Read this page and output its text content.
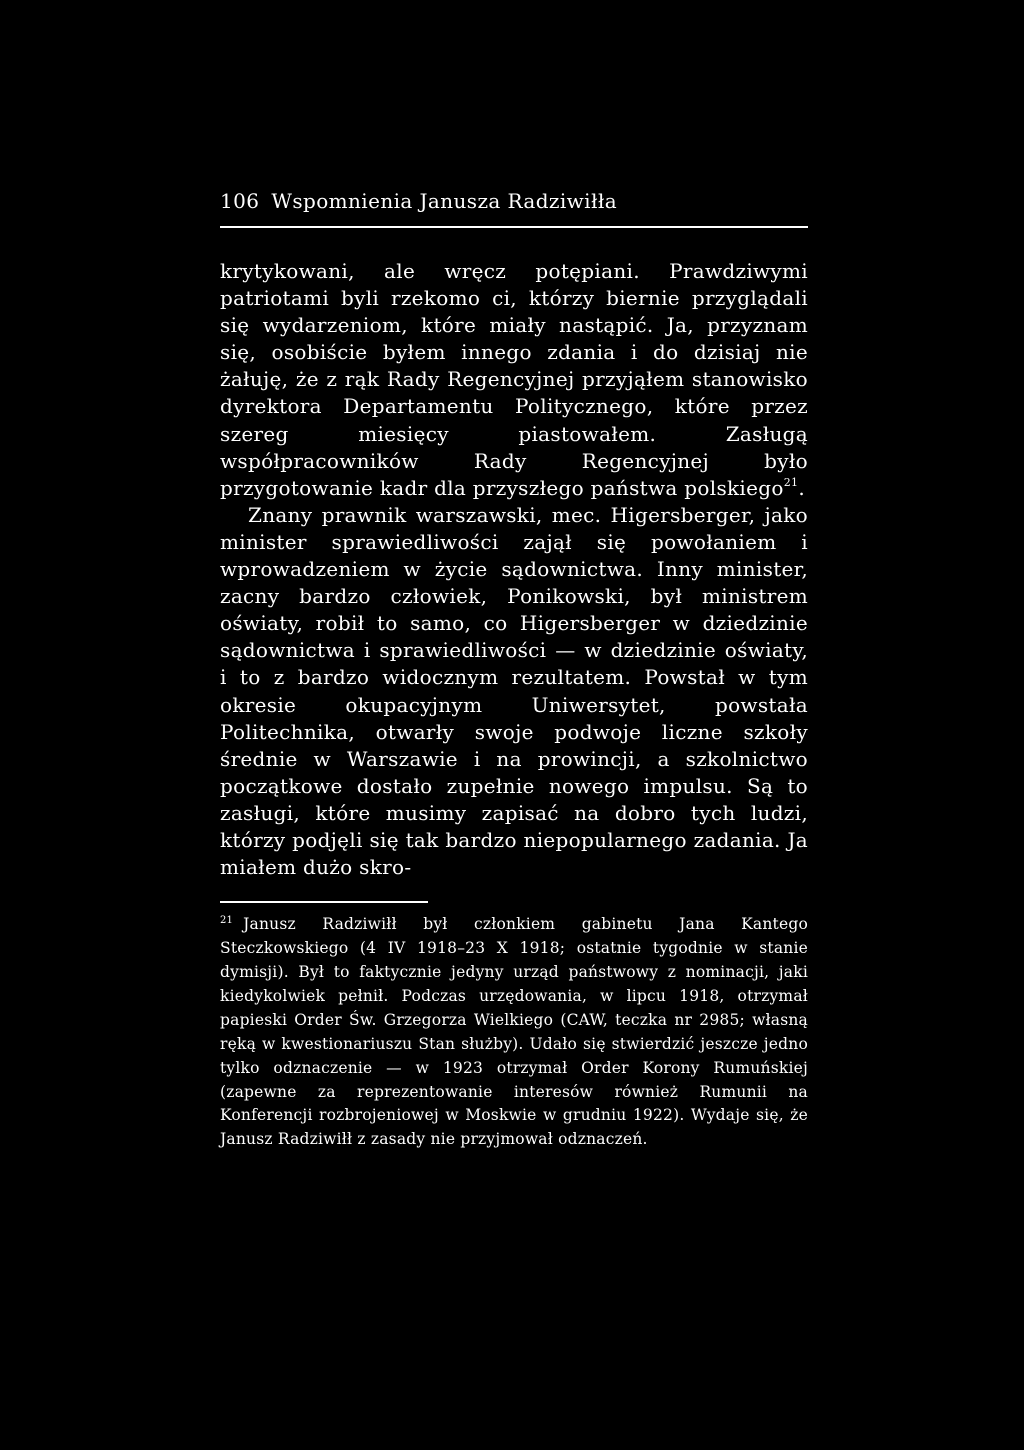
106 Wspomnienia Janusza Radziwiłła

krytykowani, ale wręcz potępiani. Prawdziwymi patriotami byli rzekomo ci, którzy biernie przyglądali się wydarzeniom, które miały nastąpić. Ja, przyznam się, osobiście byłem innego zdania i do dzisiaj nie żałuję, że z rąk Rady Regencyjnej przyjąłem stanowisko dyrektora Departamentu Politycznego, które przez szereg miesięcy piastowałem. Zasługą współpracowników Rady Regencyjnej było przygotowanie kadr dla przyszłego państwa polskiego$^{21}$.

Znany prawnik warszawski, mec. Higersberger, jako minister sprawiedliwości zajął się powołaniem i wprowadzeniem w życie sądownictwa. Inny minister, zacny bardzo człowiek, Ponikowski, był ministrem oświaty, robił to samo, co Higersberger w dziedzinie sądownictwa i sprawiedliwości — w dziedzinie oświaty, i to z bardzo widocznym rezultatem. Powstał w tym okresie okupacyjnym Uniwersytet, powstała Politechnika, otwarły swoje podwoje liczne szkoły średnie w Warszawie i na prowincji, a szkolnictwo początkowe dostało zupełnie nowego impulsu. Są to zasługi, które musimy zapisać na dobro tych ludzi, którzy podjęli się tak bardzo niepopularnego zadania. Ja miałem dużo skro-

$^{21}$ Janusz Radziwiłł był członkiem gabinetu Jana Kantego Steczkowskiego (4 IV 1918–23 X 1918; ostatnie tygodnie w stanie dymisji). Był to faktycznie jedyny urząd państwowy z nominacji, jaki kiedykolwiek pełnił. Podczas urzędowania, w lipcu 1918, otrzymał papieski Order Św. Grzegorza Wielkiego (CAW, teczka nr 2985; własną ręką w kwestionariuszu Stan służby). Udało się stwierdzić jeszcze jedno tylko odznaczenie — w 1923 otrzymał Order Korony Rumuńskiej (zapewne za reprezentowanie interesów również Rumunii na Konferencji rozbrojeniowej w Moskwie w grudniu 1922). Wydaje się, że Janusz Radziwiłł z zasady nie przyjmował odznaczeń.
